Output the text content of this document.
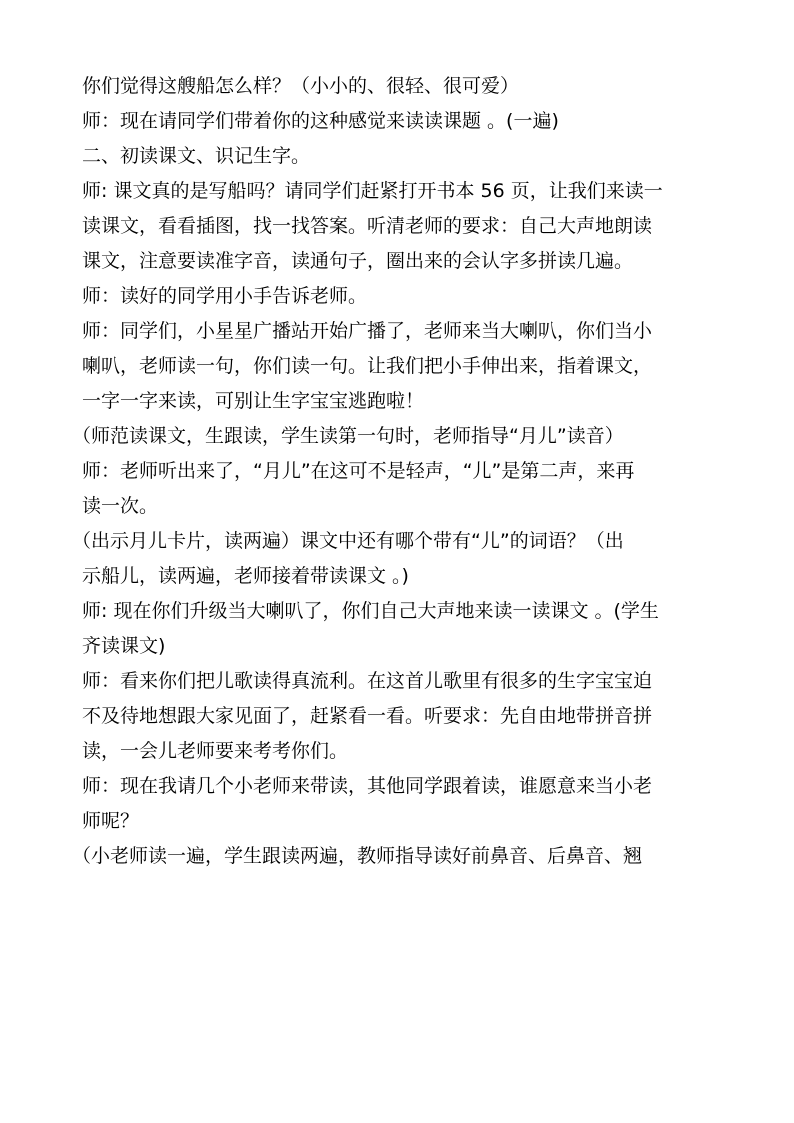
你们觉得这艘船怎么样？（小小的、很轻、很可爱）
师：现在请同学们带着你的这种感觉来读读课题 。(一遍)
二、初读课文、识记生字。
师: 课文真的是写船吗？请同学们赶紧打开书本 56 页，让我们来读一
读课文，看看插图，找一找答案。听清老师的要求：自己大声地朗读
课文，注意要读准字音，读通句子，圈出来的会认字多拼读几遍。
师：读好的同学用小手告诉老师。
师：同学们，小星星广播站开始广播了，老师来当大喇叭，你们当小
喇叭，老师读一句，你们读一句。让我们把小手伸出来，指着课文，
一字一字来读，可别让生字宝宝逃跑啦！
（师范读课文，生跟读，学生读第一句时，老师指导“月儿”读音）
师：老师听出来了，“月儿”在这可不是轻声，“儿”是第二声，来再
读一次。
（出示月儿卡片，读两遍）课文中还有哪个带有“儿”的词语？（出
示船儿，读两遍，老师接着带读课文 。)
师: 现在你们升级当大喇叭了，你们自己大声地来读一读课文 。(学生
齐读课文)
师：看来你们把儿歌读得真流利。在这首儿歌里有很多的生字宝宝迫
不及待地想跟大家见面了，赶紧看一看。听要求：先自由地带拼音拼
读，一会儿老师要来考考你们。
师：现在我请几个小老师来带读，其他同学跟着读，谁愿意来当小老
师呢？
（小老师读一遍，学生跟读两遍，教师指导读好前鼻音、后鼻音、翘
